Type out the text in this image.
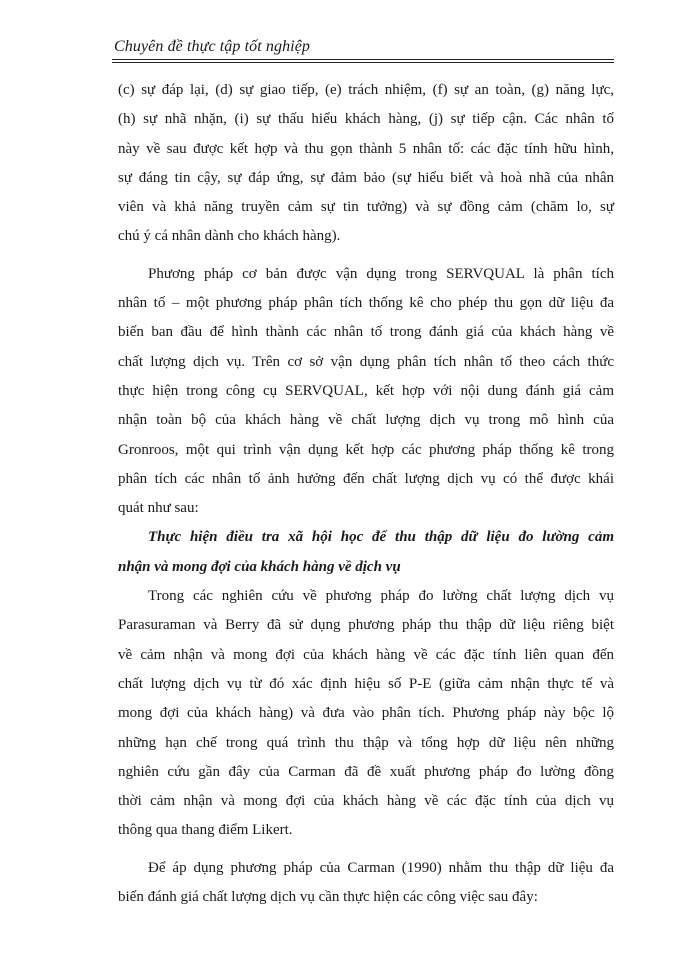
Chuyên đề thực tập tốt nghiệp
(c) sự đáp lại, (d) sự giao tiếp, (e) trách nhiệm, (f) sự an toàn, (g) năng lực,
(h) sự nhã nhặn, (i) sự thấu hiểu khách hàng, (j) sự tiếp cận. Các nhân tố
này về sau được kết hợp và thu gọn thành 5 nhân tố: các đặc tính hữu hình,
sự đáng tin cậy, sự đáp ứng, sự đảm bảo (sự hiểu biết và hoà nhã của nhân
viên và khả năng truyền cảm sự tin tưởng) và sự đồng cảm (chăm lo, sự
chú ý cá nhân dành cho khách hàng).
Phương pháp cơ bản được vận dụng trong SERVQUAL là phân tích
nhân tố – một phương pháp phân tích thống kê cho phép thu gọn dữ liệu đa
biến ban đầu để hình thành các nhân tố trong đánh giá của khách hàng về
chất lượng dịch vụ. Trên cơ sở vận dụng phân tích nhân tố theo cách thức
thực hiện trong công cụ SERVQUAL, kết hợp với nội dung đánh giá cảm
nhận toàn bộ của khách hàng về chất lượng dịch vụ trong mô hình của
Gronroos, một qui trình vận dụng kết hợp các phương pháp thống kê trong
phân tích các nhân tố ảnh hưởng đến chất lượng dịch vụ có thể được khái
quát như sau:
Thực hiện điều tra xã hội học để thu thập dữ liệu đo lường cảm
nhận và mong đợi của khách hàng về dịch vụ
Trong các nghiên cứu về phương pháp đo lường chất lượng dịch vụ
Parasuraman và Berry đã sử dụng phương pháp thu thập dữ liệu riêng biệt
về cảm nhận và mong đợi của khách hàng về các đặc tính liên quan đến
chất lượng dịch vụ từ đó xác định hiệu số P-E (giữa cảm nhận thực tế và
mong đợi của khách hàng) và đưa vào phân tích. Phương pháp này bộc lộ
những hạn chế trong quá trình thu thập và tổng hợp dữ liệu nên những
nghiên cứu gần đây của Carman đã đề xuất phương pháp đo lường đồng
thời cảm nhận và mong đợi của khách hàng về các đặc tính của dịch vụ
thông qua thang điểm Likert.
Để áp dụng phương pháp của Carman (1990) nhằm thu thập dữ liệu đa
biến đánh giá chất lượng dịch vụ cần thực hiện các công việc sau đây:
